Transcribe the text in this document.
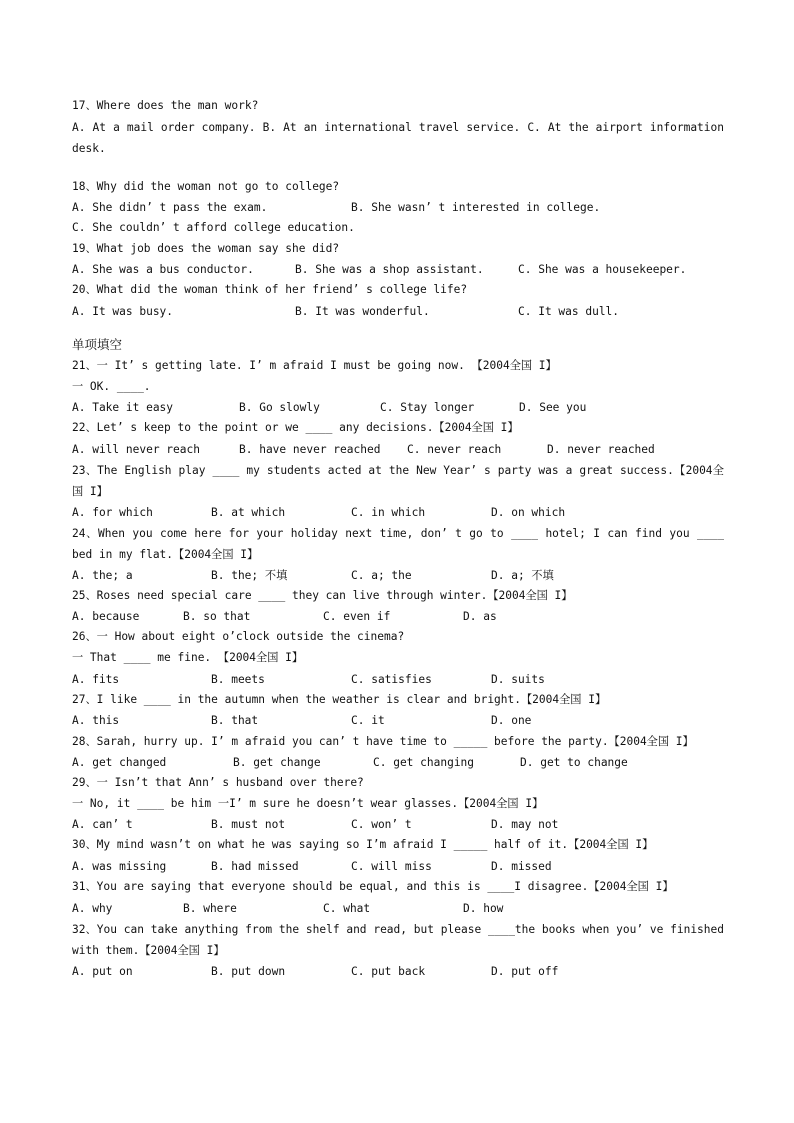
17、Where does the man work?
A. At a mail order company. B. At an international travel service. C. At the airport information desk.
18、Why did the woman not go to college?
A. She didn’ t pass the exam.	B. She wasn’ t interested in college.
C. She couldn’ t afford college education.
19、What job does the woman say she did?
A. She was a bus conductor.	B. She was a shop assistant.	C. She was a housekeeper.
20、What did the woman think of her friend’ s college life?
A. It was busy.	B. It was wonderful.	C. It was dull.
单项填空
21、一 It’ s getting late. I’ m afraid I must be going now. 【2004全国 I】
一 OK. ____.
A. Take it easy	B. Go slowly	C. Stay longer	D. See you
22、Let’ s keep to the point or we ____ any decisions.【2004全国 I】
A. will never reach	B. have never reached	C. never reach	D. never reached
23、The English play ____ my students acted at the New Year’ s party was a great success.【2004全国 I】
A. for which	B. at which	C. in which	D. on which
24、When you come here for your holiday next time, don’ t go to ____ hotel; I can find you ____ bed in my flat.【2004全国 I】
A. the; a	B. the; 不填	C. a; the	D. a; 不填
25、Roses need special care ____ they can live through winter.【2004全国 I】
A. because	B. so that	C. even if	D. as
26、一 How about eight o’clock outside the cinema?
一 That ____ me fine. 【2004全国 I】
A. fits	B. meets	C. satisfies	D. suits
27、I like ____ in the autumn when the weather is clear and bright.【2004全国 I】
A. this	B. that	C. it	D. one
28、Sarah, hurry up. I’ m afraid you can’ t have time to _____ before the party.【2004全国 I】
A. get changed	B. get change	C. get changing	D. get to change
29、一 Isn’t that Ann’ s husband over there?
一 No, it ____ be him 一I’ m sure he doesn’t wear glasses.【2004全国 I】
A. can’ t	B. must not	C. won’ t	D. may not
30、My mind wasn’t on what he was saying so I’m afraid I _____ half of it.【2004全国 I】
A. was missing	B. had missed	C. will miss	D. missed
31、You are saying that everyone should be equal, and this is ____I disagree.【2004全国 I】
A. why	B. where	C. what	D. how
32、You can take anything from the shelf and read, but please ____the books when you’ ve finished with them.【2004全国 I】
A. put on	B. put down	C. put back	D. put off
